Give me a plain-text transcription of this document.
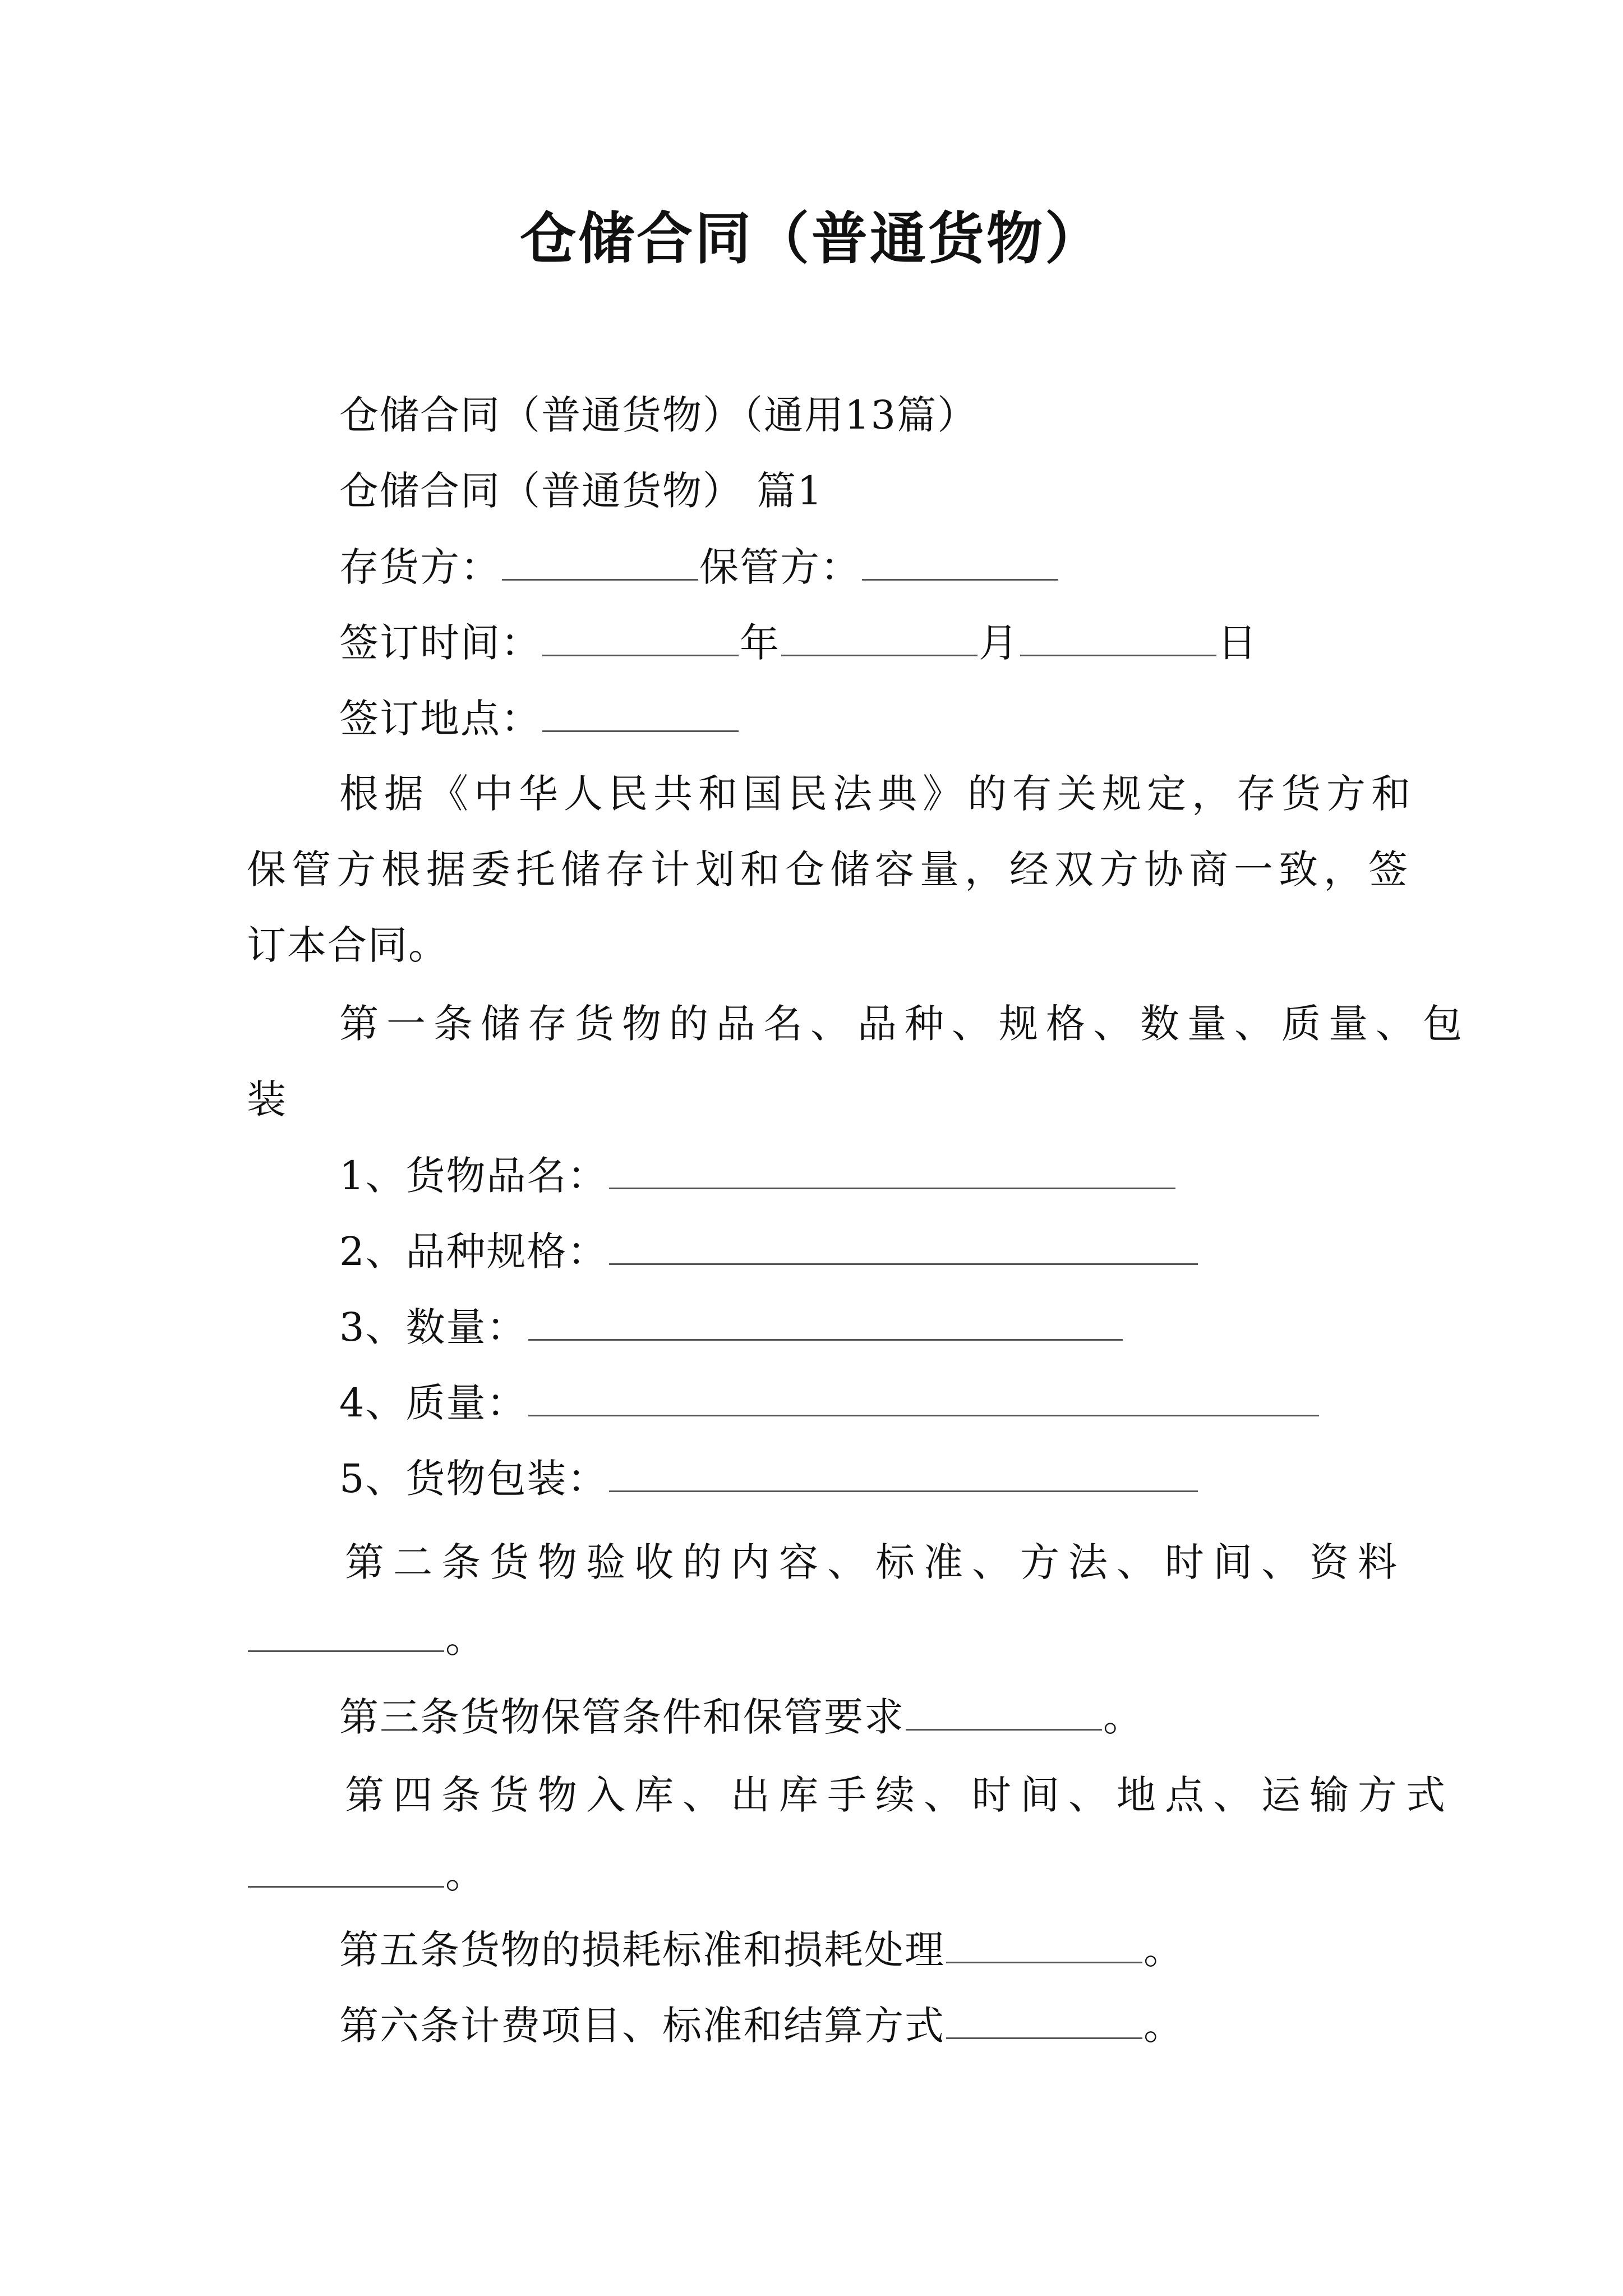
仓储合同（普通货物）
仓储合同（普通货物）（通用13篇）
仓储合同（普通货物） 篇1
存货方：	保管方：
签订时间：	年	月	日
签订地点：
根据《中华人民共和国民法典》的有关规定，存货方和
保管方根据委托储存计划和仓储容量，经双方协商一致，签
订本合同。
第一条储存货物的品名、品种、规格、数量、质量、包
装
1、货物品名：
2、品种规格：
3、数量：
4、质量：
5、货物包装：
第二条货物验收的内容、标准、方法、时间、资料
。
第三条货物保管条件和保管要求	。
第四条货物入库、出库手续、时间、地点、运输方式
。
第五条货物的损耗标准和损耗处理	。
第六条计费项目、标准和结算方式	。
